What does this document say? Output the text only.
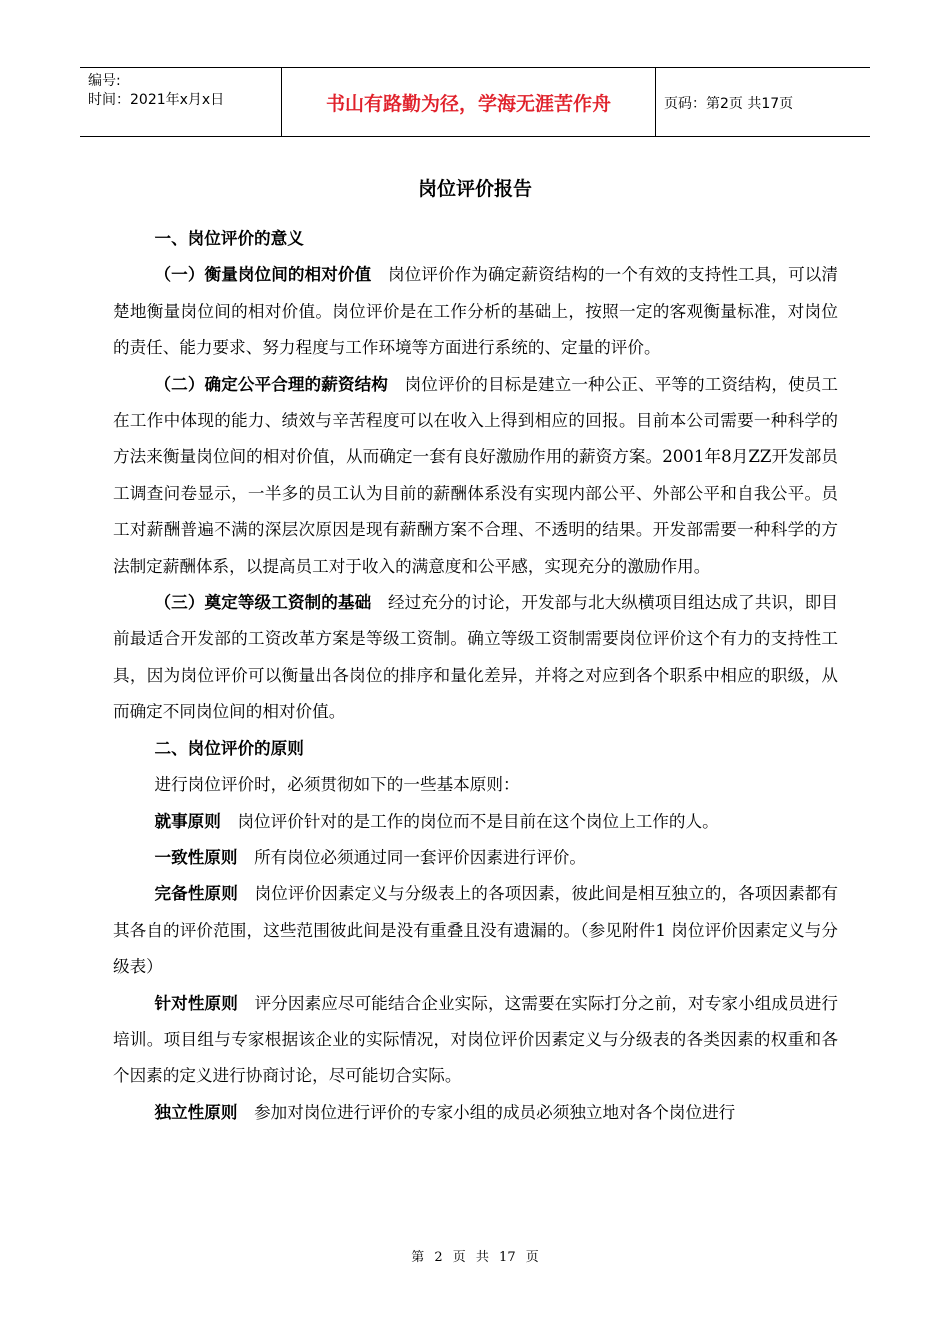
编号:
时间：2021年x月x日	书山有路勤为径，学海无涯苦作舟	页码：第2页 共17页
岗位评价报告

一、岗位评价的意义

（一）衡量岗位间的相对价值　 岗位评价作为确定薪资结构的一个有效的支持性工具，可以清楚地衡量岗位间的相对价值。岗位评价是在工作分析的基础上，按照一定的客观衡量标准，对岗位的责任、能力要求、努力程度与工作环境等方面进行系统的、定量的评价。

（二）确定公平合理的薪资结构　 岗位评价的目标是建立一种公正、平等的工资结构，使员工在工作中体现的能力、绩效与辛苦程度可以在收入上得到相应的回报。目前本公司需要一种科学的方法来衡量岗位间的相对价值，从而确定一套有良好激励作用的薪资方案。2001年8月ZZ开发部员工调查问卷显示，一半多的员工认为目前的薪酬体系没有实现内部公平、外部公平和自我公平。员工对薪酬普遍不满的深层次原因是现有薪酬方案不合理、不透明的结果。开发部需要一种科学的方法制定薪酬体系，以提高员工对于收入的满意度和公平感，实现充分的激励作用。

（三）奠定等级工资制的基础　 经过充分的讨论，开发部与北大纵横项目组达成了共识，即目前最适合开发部的工资改革方案是等级工资制。确立等级工资制需要岗位评价这个有力的支持性工具，因为岗位评价可以衡量出各岗位的排序和量化差异，并将之对应到各个职系中相应的职级，从而确定不同岗位间的相对价值。

二、岗位评价的原则

进行岗位评价时，必须贯彻如下的一些基本原则：

就事原则　 岗位评价针对的是工作的岗位而不是目前在这个岗位上工作的人。

一致性原则　 所有岗位必须通过同一套评价因素进行评价。

完备性原则　 岗位评价因素定义与分级表上的各项因素，彼此间是相互独立的，各项因素都有其各自的评价范围，这些范围彼此间是没有重叠且没有遗漏的。（参见附件1 岗位评价因素定义与分级表）

针对性原则　 评分因素应尽可能结合企业实际，这需要在实际打分之前，对专家小组成员进行培训。项目组与专家根据该企业的实际情况，对岗位评价因素定义与分级表的各类因素的权重和各个因素的定义进行协商讨论，尽可能切合实际。

独立性原则　 参加对岗位进行评价的专家小组的成员必须独立地对各个岗位进行

第 2 页 共 17 页
